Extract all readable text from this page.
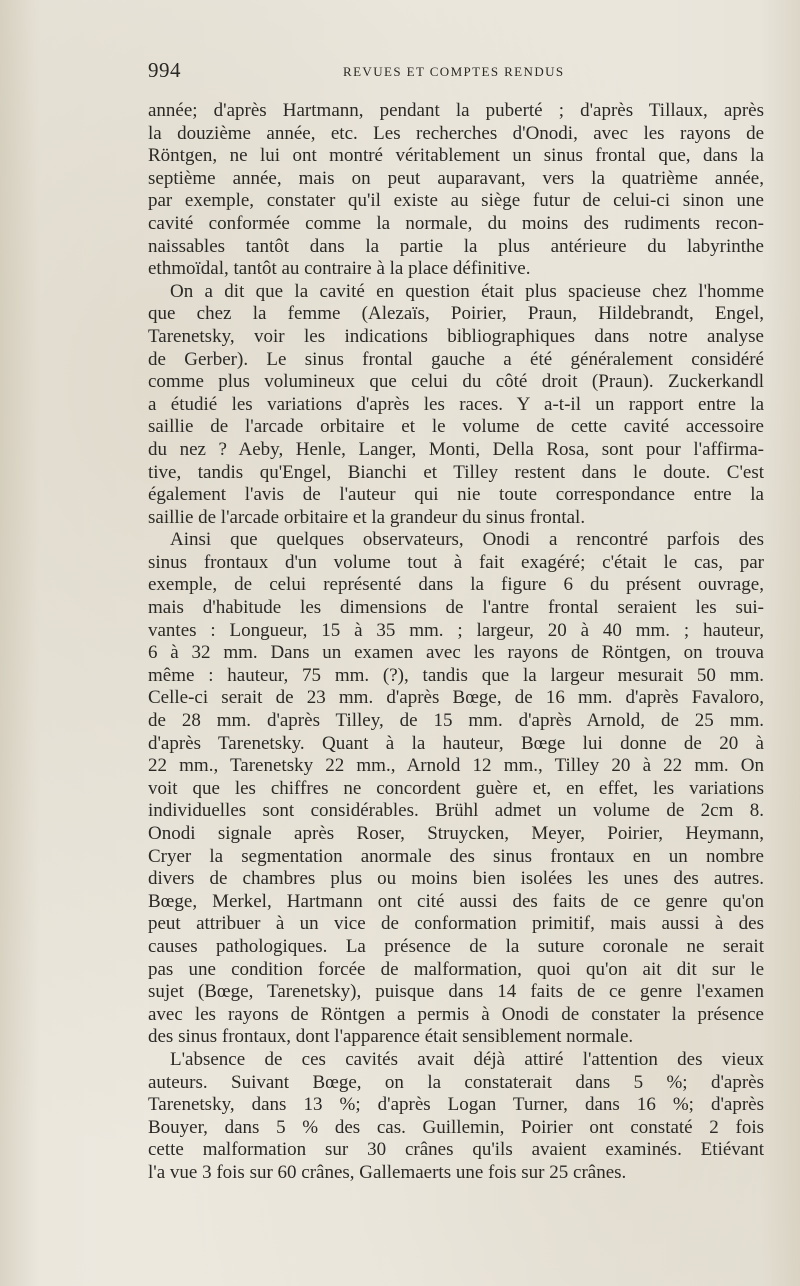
994	REVUES ET COMPTES RENDUS
année; d'après Hartmann, pendant la puberté ; d'après Tillaux, après
la douzième année, etc. Les recherches d'Onodi, avec les rayons de
Röntgen, ne lui ont montré véritablement un sinus frontal que, dans la
septième année, mais on peut auparavant, vers la quatrième année,
par exemple, constater qu'il existe au siège futur de celui-ci sinon une
cavité conformée comme la normale, du moins des rudiments recon-
naissables tantôt dans la partie la plus antérieure du labyrinthe
ethmoïdal, tantôt au contraire à la place définitive.
On a dit que la cavité en question était plus spacieuse chez l'homme
que chez la femme (Alezaïs, Poirier, Praun, Hildebrandt, Engel,
Tarenetsky, voir les indications bibliographiques dans notre analyse
de Gerber). Le sinus frontal gauche a été généralement considéré
comme plus volumineux que celui du côté droit (Praun). Zuckerkandl
a étudié les variations d'après les races. Y a-t-il un rapport entre la
saillie de l'arcade orbitaire et le volume de cette cavité accessoire
du nez ? Aeby, Henle, Langer, Monti, Della Rosa, sont pour l'affirma-
tive, tandis qu'Engel, Bianchi et Tilley restent dans le doute. C'est
également l'avis de l'auteur qui nie toute correspondance entre la
saillie de l'arcade orbitaire et la grandeur du sinus frontal.
Ainsi que quelques observateurs, Onodi a rencontré parfois des
sinus frontaux d'un volume tout à fait exagéré; c'était le cas, par
exemple, de celui représenté dans la figure 6 du présent ouvrage,
mais d'habitude les dimensions de l'antre frontal seraient les sui-
vantes : Longueur, 15 à 35 mm. ; largeur, 20 à 40 mm. ; hauteur,
6 à 32 mm. Dans un examen avec les rayons de Röntgen, on trouva
même : hauteur, 75 mm. (?), tandis que la largeur mesurait 50 mm.
Celle-ci serait de 23 mm. d'après Bœge, de 16 mm. d'après Favaloro,
de 28 mm. d'après Tilley, de 15 mm. d'après Arnold, de 25 mm.
d'après Tarenetsky. Quant à la hauteur, Bœge lui donne de 20 à
22 mm., Tarenetsky 22 mm., Arnold 12 mm., Tilley 20 à 22 mm. On
voit que les chiffres ne concordent guère et, en effet, les variations
individuelles sont considérables. Brühl admet un volume de 2cm 8.
Onodi signale après Roser, Struycken, Meyer, Poirier, Heymann,
Cryer la segmentation anormale des sinus frontaux en un nombre
divers de chambres plus ou moins bien isolées les unes des autres.
Bœge, Merkel, Hartmann ont cité aussi des faits de ce genre qu'on
peut attribuer à un vice de conformation primitif, mais aussi à des
causes pathologiques. La présence de la suture coronale ne serait
pas une condition forcée de malformation, quoi qu'on ait dit sur le
sujet (Bœge, Tarenetsky), puisque dans 14 faits de ce genre l'examen
avec les rayons de Röntgen a permis à Onodi de constater la présence
des sinus frontaux, dont l'apparence était sensiblement normale.
L'absence de ces cavités avait déjà attiré l'attention des vieux
auteurs. Suivant Bœge, on la constaterait dans 5 %; d'après
Tarenetsky, dans 13 %; d'après Logan Turner, dans 16 %; d'après
Bouyer, dans 5 % des cas. Guillemin, Poirier ont constaté 2 fois
cette malformation sur 30 crânes qu'ils avaient examinés. Etiévant
l'a vue 3 fois sur 60 crânes, Gallemaerts une fois sur 25 crânes.
